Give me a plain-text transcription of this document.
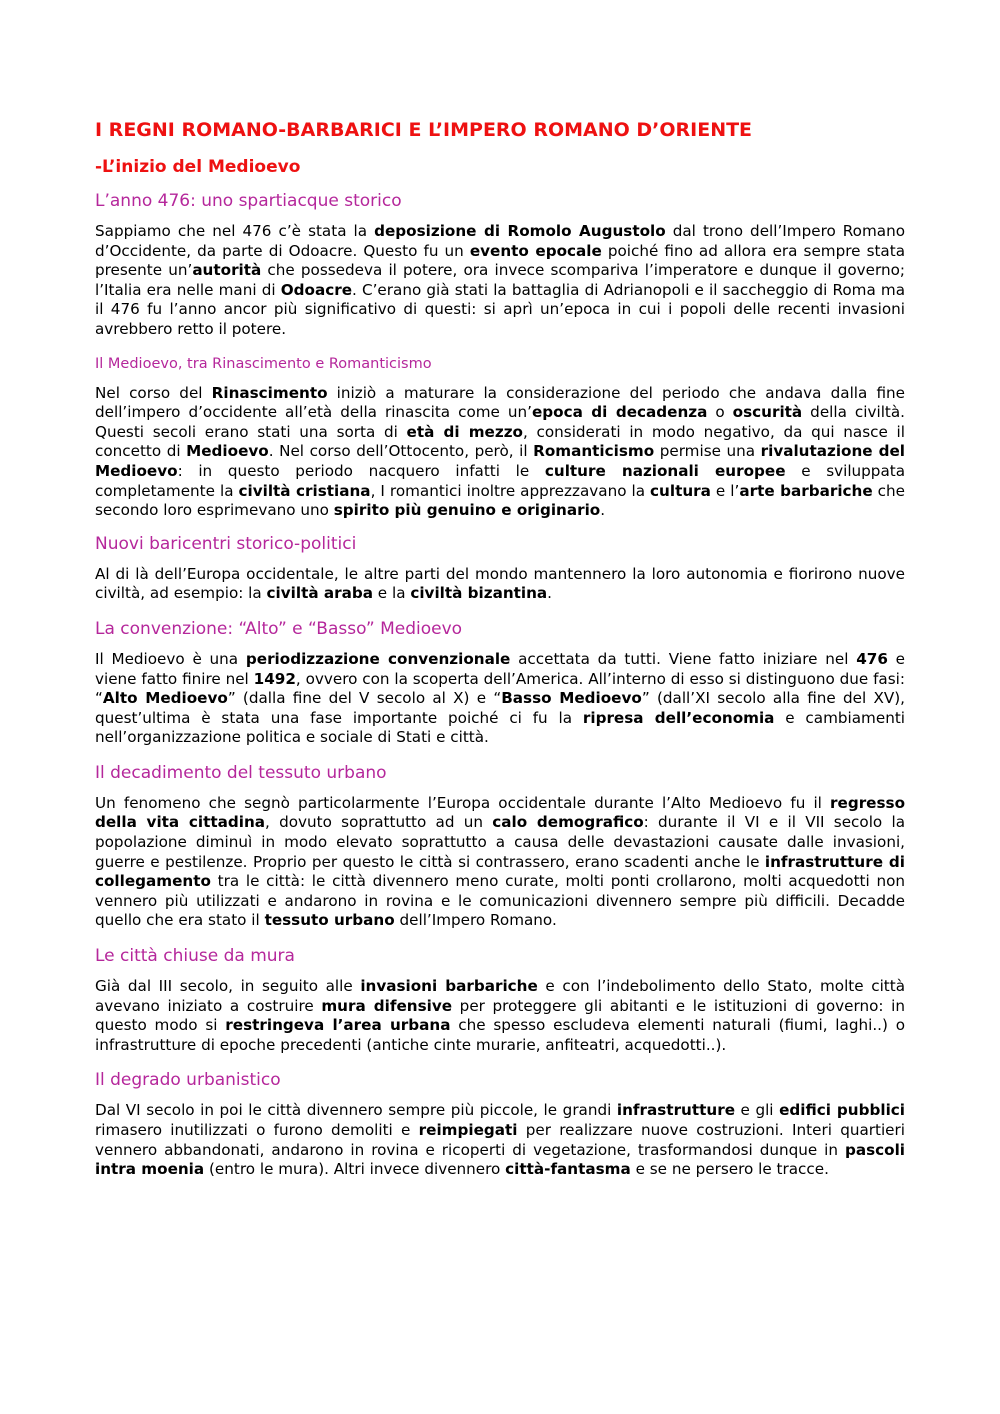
I REGNI ROMANO-BARBARICI E L’IMPERO ROMANO D’ORIENTE
-L’inizio del Medioevo
L’anno 476: uno spartiacque storico

Sappiamo che nel 476 c’è stata la deposizione di Romolo Augustolo dal trono dell’Impero Romano d’Occidente, da parte di Odoacre. Questo fu un evento epocale poiché fino ad allora era sempre stata presente un’autorità che possedeva il potere, ora invece scompariva l’imperatore e dunque il governo; l’Italia era nelle mani di Odoacre. C’erano già stati la battaglia di Adrianopoli e il saccheggio di Roma ma il 476 fu l’anno ancor più significativo di questi: si aprì un’epoca in cui i popoli delle recenti invasioni avrebbero retto il potere.

Il Medioevo, tra Rinascimento e Romanticismo

Nel corso del Rinascimento iniziò a maturare la considerazione del periodo che andava dalla fine dell’impero d’occidente all’età della rinascita come un’epoca di decadenza o oscurità della civiltà. Questi secoli erano stati una sorta di età di mezzo, considerati in modo negativo, da qui nasce il concetto di Medioevo. Nel corso dell’Ottocento, però, il Romanticismo permise una rivalutazione del Medioevo: in questo periodo nacquero infatti le culture nazionali europee e sviluppata completamente la civiltà cristiana, I romantici inoltre apprezzavano la cultura e l’arte barbariche che secondo loro esprimevano uno spirito più genuino e originario.

Nuovi baricentri storico-politici

Al di là dell’Europa occidentale, le altre parti del mondo mantennero la loro autonomia e fiorirono nuove civiltà, ad esempio: la civiltà araba e la civiltà bizantina.

La convenzione: “Alto” e “Basso” Medioevo

Il Medioevo è una periodizzazione convenzionale accettata da tutti. Viene fatto iniziare nel 476 e viene fatto finire nel 1492, ovvero con la scoperta dell’America. All’interno di esso si distinguono due fasi: “Alto Medioevo” (dalla fine del V secolo al X) e “Basso Medioevo” (dall’XI secolo alla fine del XV), quest’ultima è stata una fase importante poiché ci fu la ripresa dell’economia e cambiamenti nell’organizzazione politica e sociale di Stati e città.

Il decadimento del tessuto urbano

Un fenomeno che segnò particolarmente l’Europa occidentale durante l’Alto Medioevo fu il regresso della vita cittadina, dovuto soprattutto ad un calo demografico: durante il VI e il VII secolo la popolazione diminuì in modo elevato soprattutto a causa delle devastazioni causate dalle invasioni, guerre e pestilenze. Proprio per questo le città si contrassero, erano scadenti anche le infrastrutture di collegamento tra le città: le città divennero meno curate, molti ponti crollarono, molti acquedotti non vennero più utilizzati e andarono in rovina e le comunicazioni divennero sempre più difficili. Decadde quello che era stato il tessuto urbano dell’Impero Romano.

Le città chiuse da mura

Già dal III secolo, in seguito alle invasioni barbariche e con l’indebolimento dello Stato, molte città avevano iniziato a costruire mura difensive per proteggere gli abitanti e le istituzioni di governo: in questo modo si restringeva l’area urbana che spesso escludeva elementi naturali (fiumi, laghi..) o infrastrutture di epoche precedenti (antiche cinte murarie, anfiteatri, acquedotti..).

Il degrado urbanistico

Dal VI secolo in poi le città divennero sempre più piccole, le grandi infrastrutture e gli edifici pubblici rimasero inutilizzati o furono demoliti e reimpiegati per realizzare nuove costruzioni. Interi quartieri vennero abbandonati, andarono in rovina e ricoperti di vegetazione, trasformandosi dunque in pascoli intra moenia (entro le mura). Altri invece divennero città-fantasma e se ne persero le tracce.
